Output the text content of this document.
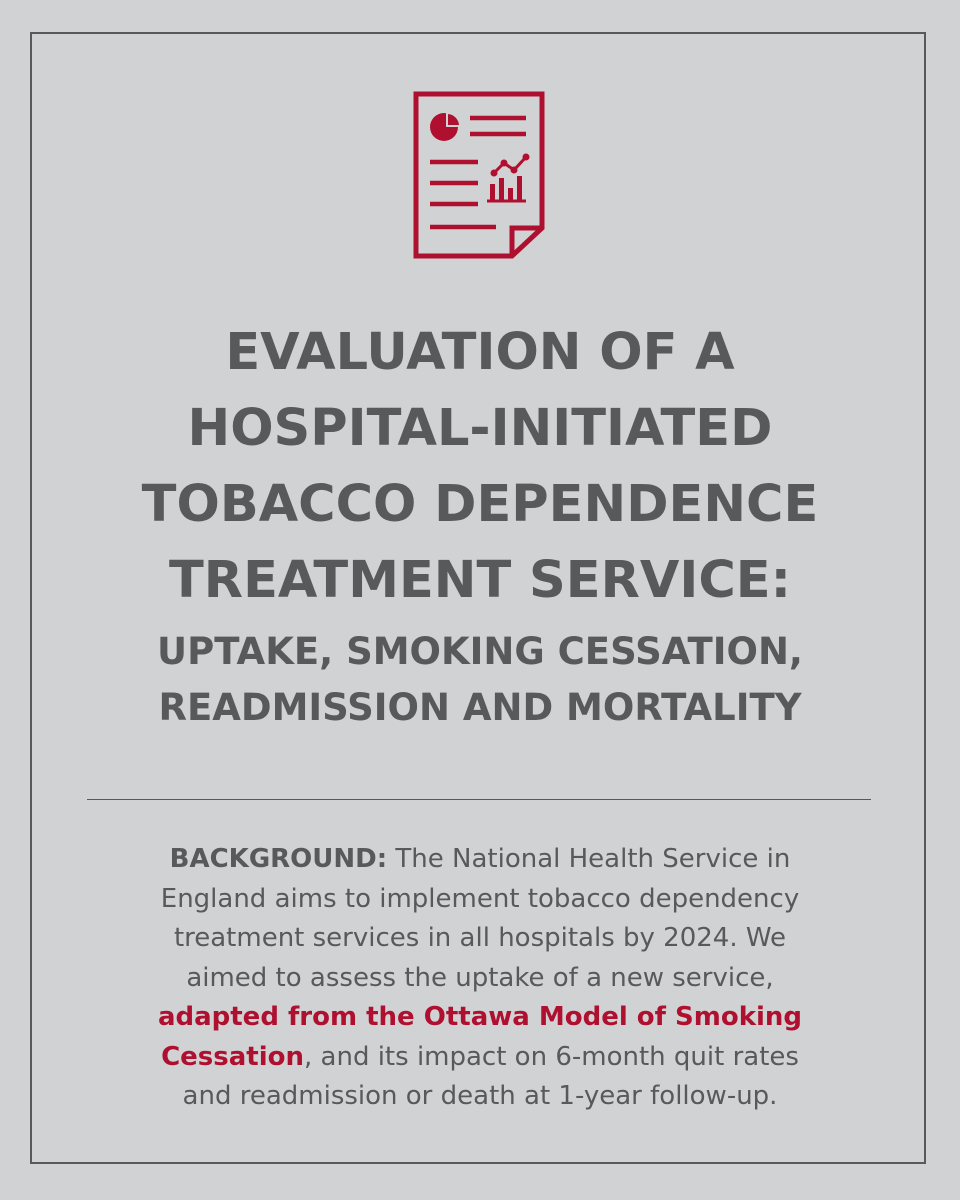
EVALUATION OF A
HOSPITAL-INITIATED
TOBACCO DEPENDENCE
TREATMENT SERVICE:
UPTAKE, SMOKING CESSATION,
READMISSION AND MORTALITY
BACKGROUND: The National Health Service in
England aims to implement tobacco dependency
treatment services in all hospitals by 2024. We
aimed to assess the uptake of a new service,
adapted from the Ottawa Model of Smoking
Cessation, and its impact on 6-month quit rates
and readmission or death at 1-year follow-up.
